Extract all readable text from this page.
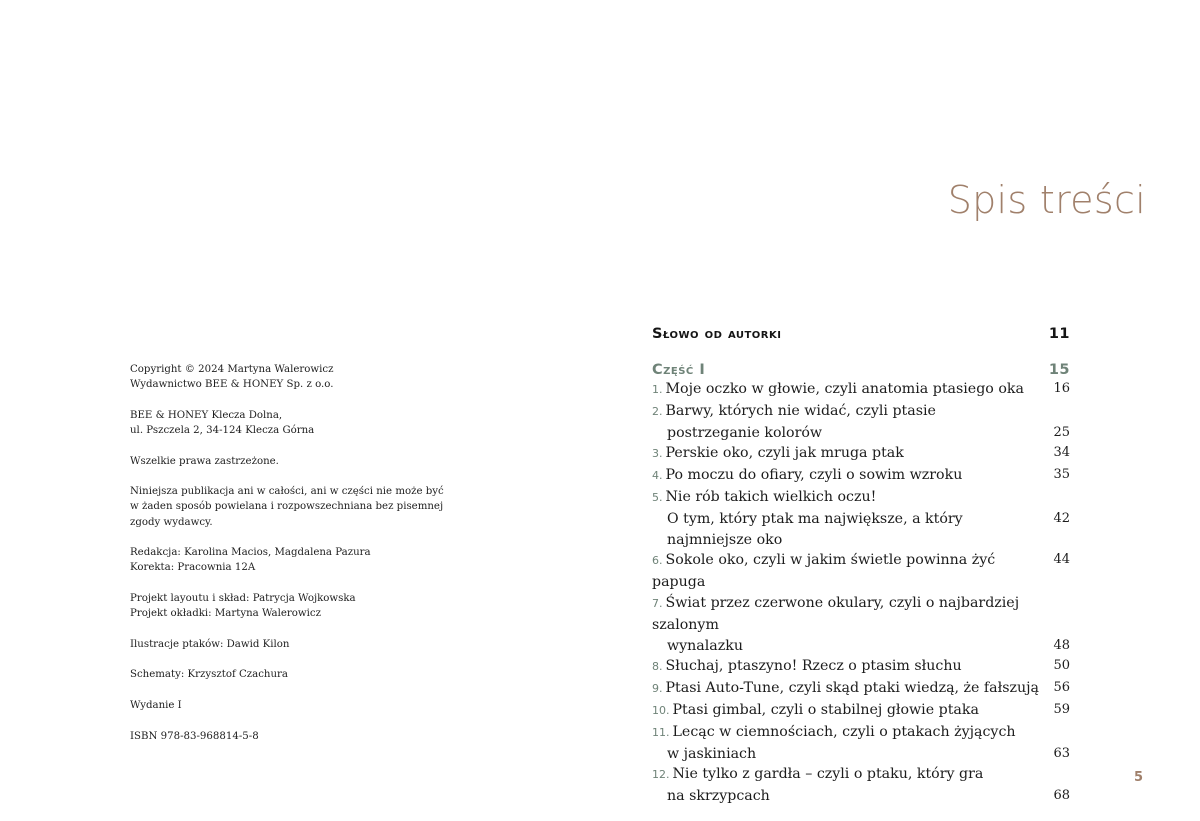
Copyright © 2024 Martyna Walerowicz
Wydawnictwo BEE & HONEY Sp. z o.o.
BEE & HONEY Klecza Dolna,
ul. Pszczela 2, 34-124 Klecza Górna
Wszelkie prawa zastrzeżone.
Niniejsza publikacja ani w całości, ani w części nie może być
w żaden sposób powielana i rozpowszechniana bez pisemnej
zgody wydawcy.
Redakcja: Karolina Macios, Magdalena Pazura
Korekta: Pracownia 12A
Projekt layoutu i skład: Patrycja Wojkowska
Projekt okładki: Martyna Walerowicz
Ilustracje ptaków: Dawid Kilon
Schematy: Krzysztof Czachura
Wydanie I
ISBN 978-83-968814-5-8
Spis treści
Słowo od autorki	11
Część I	15
1. Moje oczko w głowie, czyli anatomia ptasiego oka	16
2. Barwy, których nie widać, czyli ptasie
postrzeganie kolorów	25
3. Perskie oko, czyli jak mruga ptak	34
4. Po moczu do ofiary, czyli o sowim wzroku	35
5. Nie rób takich wielkich oczu!
O tym, który ptak ma największe, a który najmniejsze oko
42
6. Sokole oko, czyli w jakim świetle powinna żyć papuga
44
7. Świat przez czerwone okulary, czyli o najbardziej szalonym
wynalazku	48
8. Słuchaj, ptaszyno! Rzecz o ptasim słuchu	50
9. Ptasi Auto-Tune, czyli skąd ptaki wiedzą, że fałszują	56
10. Ptasi gimbal, czyli o stabilnej głowie ptaka	59
11. Lecąc w ciemnościach, czyli o ptakach żyjących
w jaskiniach	63
12. Nie tylko z gardła – czyli o ptaku, który gra
na skrzypcach	68
5
